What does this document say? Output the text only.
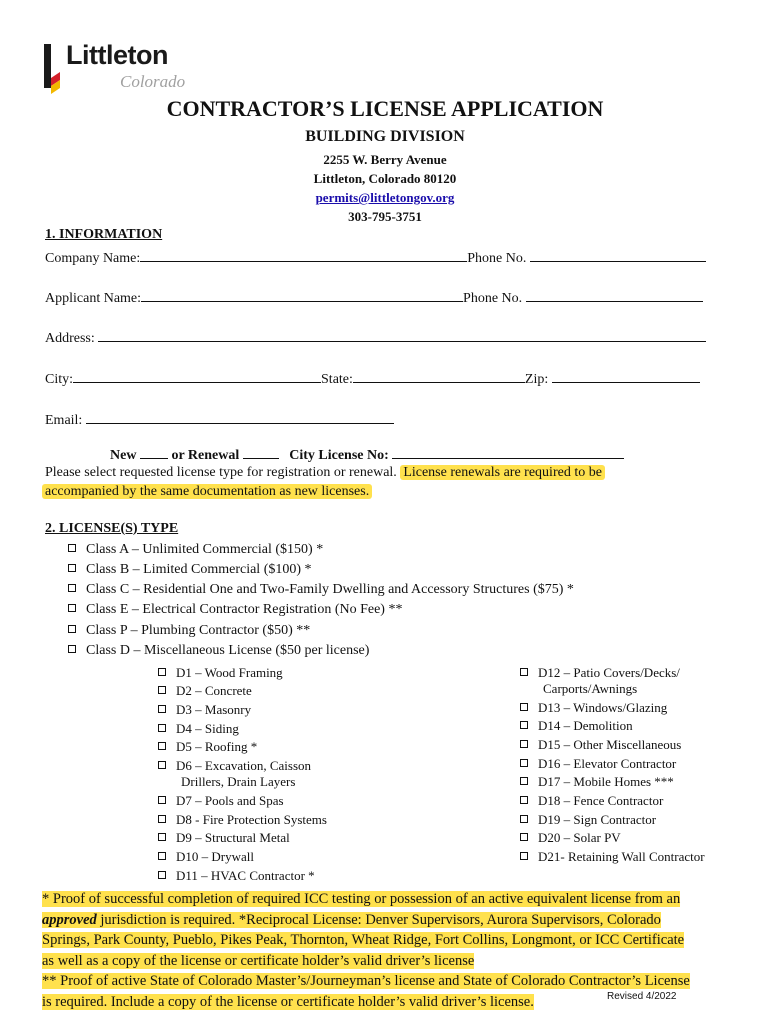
Littleton
Colorado
CONTRACTOR’S LICENSE APPLICATION
BUILDING DIVISION
2255 W. Berry Avenue
Littleton, Colorado 80120
permits@littletongov.org
303-795-3751
1. INFORMATION
Company Name:	Phone No.
Applicant Name:	Phone No.
Address:
City:	State:	Zip:
Email:
New	or Renewal	City License No:
Please select requested license type for registration or renewal. License renewals are required to be
accompanied by the same documentation as new licenses.
2. LICENSE(S) TYPE
Class A – Unlimited Commercial ($150) *
Class B – Limited Commercial ($100) *
Class C – Residential One and Two-Family Dwelling and Accessory Structures ($75) *
Class E – Electrical Contractor Registration (No Fee) **
Class P – Plumbing Contractor ($50) **
Class D – Miscellaneous License ($50 per license)
D1 – Wood Framing
D2 – Concrete
D3 – Masonry
D4 – Siding
D5 – Roofing *
D6 – Excavation, Caisson
Drillers, Drain Layers
D7 – Pools and Spas
D8 - Fire Protection Systems
D9 – Structural Metal
D10 – Drywall
D11 – HVAC Contractor *
D12 – Patio Covers/Decks/
Carports/Awnings
D13 – Windows/Glazing
D14 – Demolition
D15 – Other Miscellaneous
D16 – Elevator Contractor
D17 – Mobile Homes ***
D18 – Fence Contractor
D19 – Sign Contractor
D20 – Solar PV
D21- Retaining Wall Contractor
* Proof of successful completion of required ICC testing or possession of an active equivalent license from an
approved jurisdiction is required. *Reciprocal License: Denver Supervisors, Aurora Supervisors, Colorado
Springs, Park County, Pueblo, Pikes Peak, Thornton, Wheat Ridge, Fort Collins, Longmont, or ICC Certificate
as well as a copy of the license or certificate holder’s valid driver’s license
** Proof of active State of Colorado Master’s/Journeyman’s license and State of Colorado Contractor’s License
is required. Include a copy of the license or certificate holder’s valid driver’s license.	Revised 4/2022
